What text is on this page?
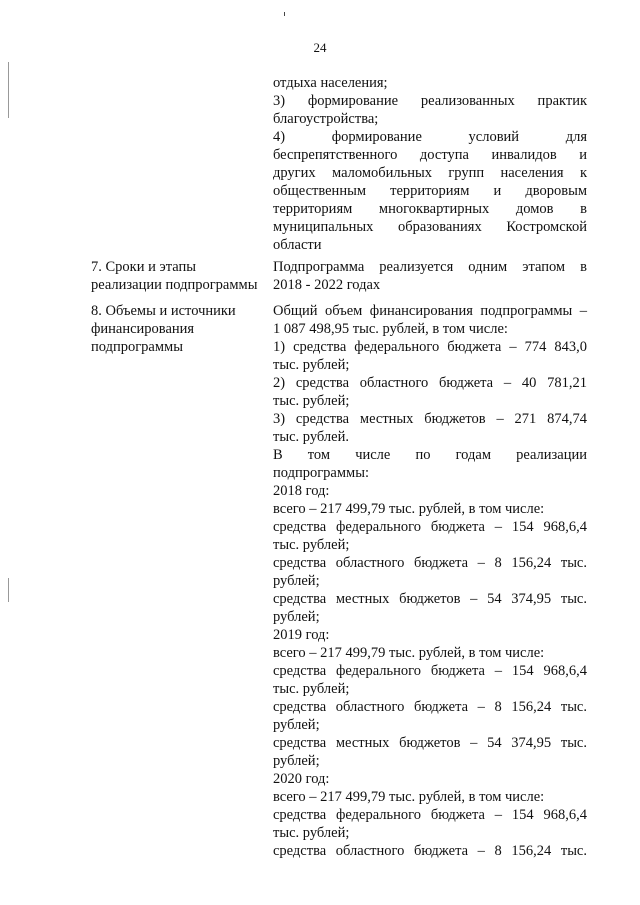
24
отдыха населения;
3) формирование реализованных практик
благоустройства;
4) формирование условий для
беспрепятственного доступа инвалидов и
других маломобильных групп населения к
общественным территориям и дворовым
территориям многоквартирных домов в
муниципальных образованиях Костромской
области
7. Сроки и этапы
реализации подпрограммы
Подпрограмма реализуется одним этапом в
2018 - 2022 годах
8. Объемы и источники
финансирования
подпрограммы
Общий объем финансирования подпрограммы –
1 087 498,95 тыс. рублей, в том числе:
1) средства федерального бюджета – 774 843,0
тыс. рублей;
2) средства областного бюджета – 40 781,21
тыс. рублей;
3) средства местных бюджетов – 271 874,74
тыс. рублей.
В том числе по годам реализации
подпрограммы:
2018 год:
всего – 217 499,79 тыс. рублей, в том числе:
средства федерального бюджета – 154 968,6,4
тыс. рублей;
средства областного бюджета – 8 156,24 тыс.
рублей;
средства местных бюджетов – 54 374,95 тыс.
рублей;
2019 год:
всего – 217 499,79 тыс. рублей, в том числе:
средства федерального бюджета – 154 968,6,4
тыс. рублей;
средства областного бюджета – 8 156,24 тыс.
рублей;
средства местных бюджетов – 54 374,95 тыс.
рублей;
2020 год:
всего – 217 499,79 тыс. рублей, в том числе:
средства федерального бюджета – 154 968,6,4
тыс. рублей;
средства областного бюджета – 8 156,24 тыс.
